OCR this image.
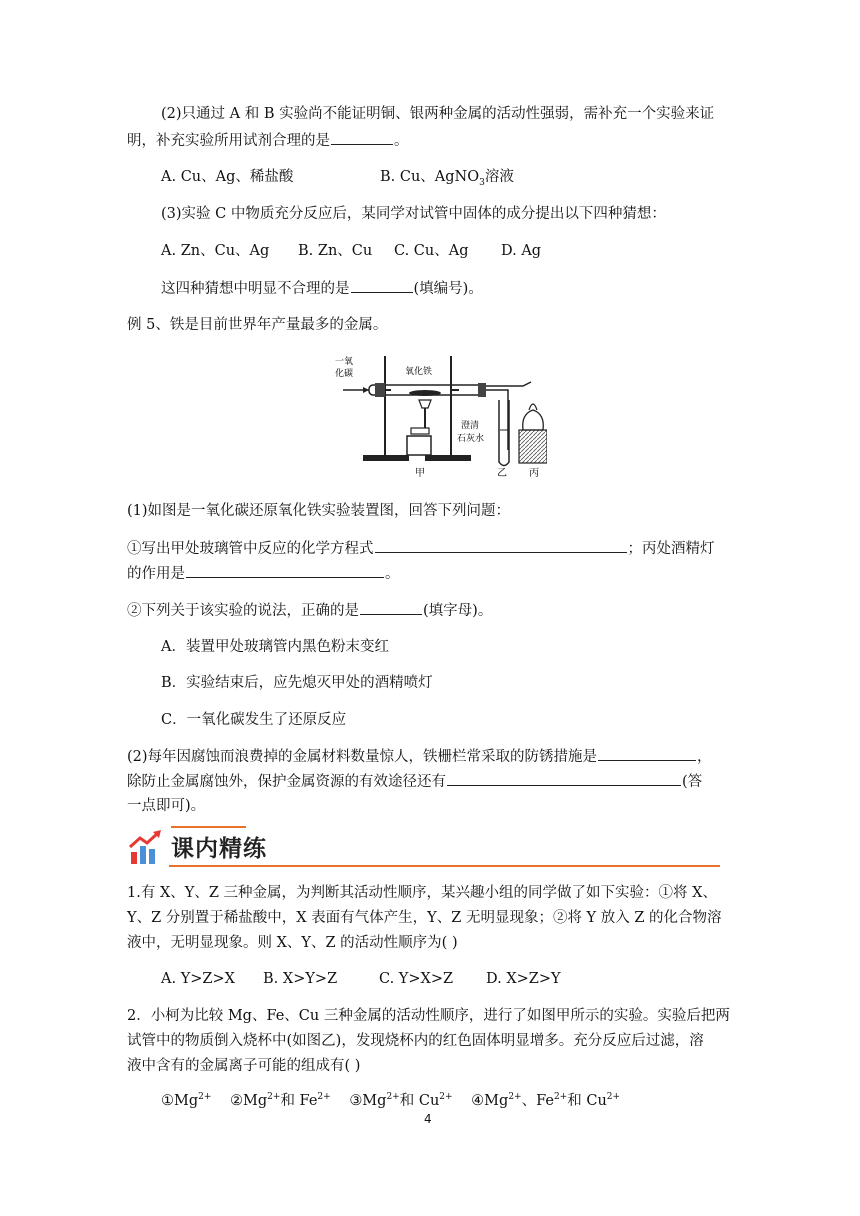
(2)只通过 A 和 B 实验尚不能证明铜、银两种金属的活动性强弱，需补充一个实验来证
明，补充实验所用试剂合理的是	。
A. Cu、Ag、稀盐酸	B. Cu、AgNO$_3$溶液
(3)实验 C 中物质充分反应后，某同学对试管中固体的成分提出以下四种猜想：
A. Zn、Cu、Ag B. Zn、Cu C. Cu、Ag D. Ag
这四种猜想中明显不合理的是	(填编号)。
例 5、铁是目前世界年产量最多的金属。
一氧
化碳	氧化铁
澄清
石灰水
甲	乙 丙
(1)如图是一氧化碳还原氧化铁实验装置图，回答下列问题：
①写出甲处玻璃管中反应的化学方程式	；丙处酒精灯
的作用是	。
②下列关于该实验的说法，正确的是	(填字母)。
A．装置甲处玻璃管内黑色粉末变红
B．实验结束后，应先熄灭甲处的酒精喷灯
C．一氧化碳发生了还原反应
(2)每年因腐蚀而浪费掉的金属材料数量惊人，铁栅栏常采取的防锈措施是	，
除防止金属腐蚀外，保护金属资源的有效途径还有	(答
一点即可)。
课内精练
1.有 X、Y、Z 三种金属，为判断其活动性顺序，某兴趣小组的同学做了如下实验：①将 X、
Y、Z 分别置于稀盐酸中，X 表面有气体产生，Y、Z 无明显现象；②将 Y 放入 Z 的化合物溶
液中，无明显现象。则 X、Y、Z 的活动性顺序为( )
A. Y>Z>X B. X>Y>Z	C. Y>X>Z D. X>Z>Y
2．小柯为比较 Mg、Fe、Cu 三种金属的活动性顺序，进行了如图甲所示的实验。实验后把两
试管中的物质倒入烧杯中(如图乙)，发现烧杯内的红色固体明显增多。充分反应后过滤，溶
液中含有的金属离子可能的组成有( )
$①Mg^{2+}$ $②Mg^{2+}$和 $Fe^{2+}$ $③Mg^{2+}$和 $Cu^{2+}$ $④Mg^{2+}$、$Fe^{2+}$和 $Cu^{2+}$
4
